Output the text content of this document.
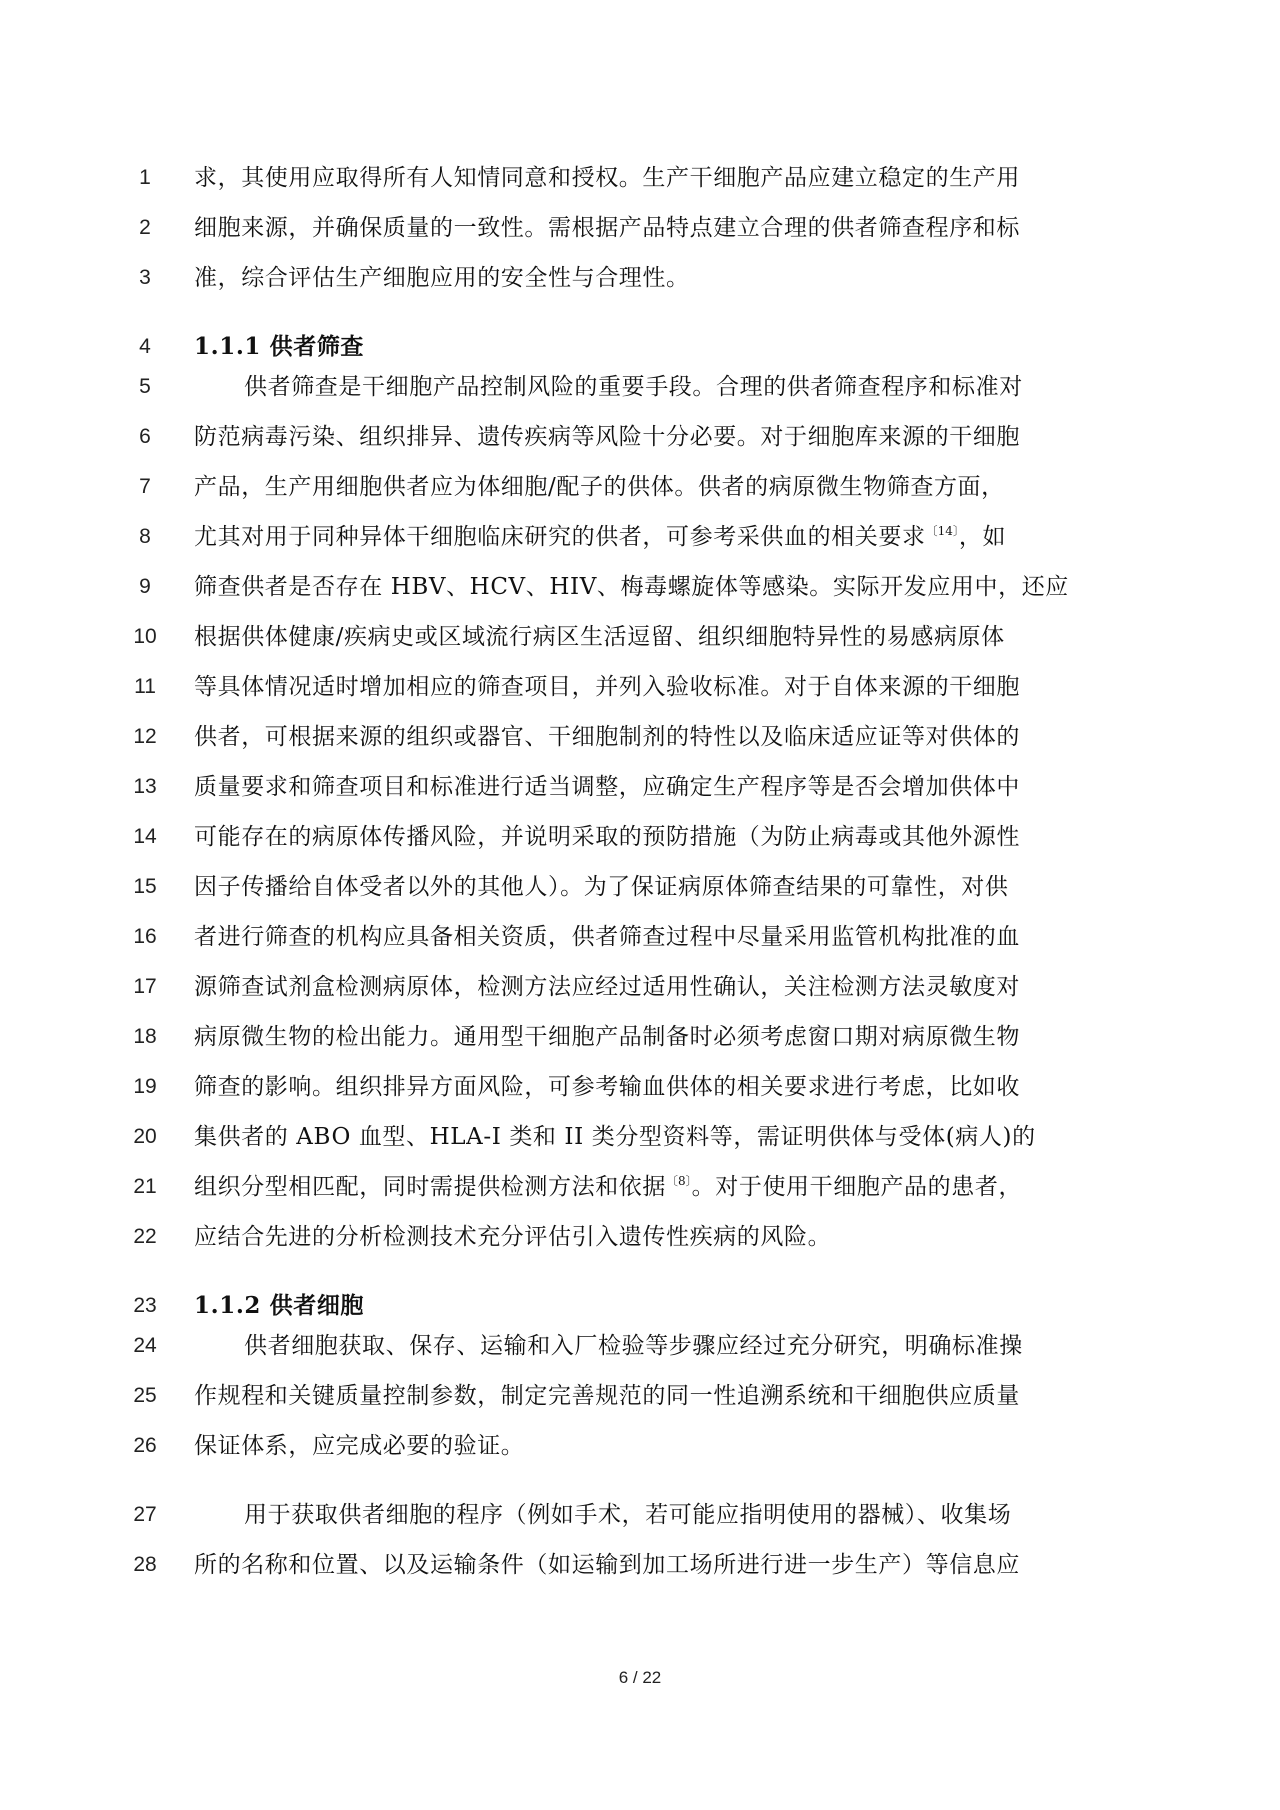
1	求，其使用应取得所有人知情同意和授权。生产干细胞产品应建立稳定的生产用
2	细胞来源，并确保质量的一致性。需根据产品特点建立合理的供者筛查程序和标
3	准，综合评估生产细胞应用的安全性与合理性。
4	1.1.1 供者筛查
5	供者筛查是干细胞产品控制风险的重要手段。合理的供者筛查程序和标准对
6	防范病毒污染、组织排异、遗传疾病等风险十分必要。对于细胞库来源的干细胞
7	产品，生产用细胞供者应为体细胞/配子的供体。供者的病原微生物筛查方面，
8	尤其对用于同种异体干细胞临床研究的供者，可参考采供血的相关要求$^{〔14〕}$，如
9	筛查供者是否存在 HBV、HCV、HIV、梅毒螺旋体等感染。实际开发应用中，还应
10	根据供体健康/疾病史或区域流行病区生活逗留、组织细胞特异性的易感病原体
11	等具体情况适时增加相应的筛查项目，并列入验收标准。对于自体来源的干细胞
12	供者，可根据来源的组织或器官、干细胞制剂的特性以及临床适应证等对供体的
13	质量要求和筛查项目和标准进行适当调整，应确定生产程序等是否会增加供体中
14	可能存在的病原体传播风险，并说明采取的预防措施（为防止病毒或其他外源性
15	因子传播给自体受者以外的其他人）。为了保证病原体筛查结果的可靠性，对供
16	者进行筛查的机构应具备相关资质，供者筛查过程中尽量采用监管机构批准的血
17	源筛查试剂盒检测病原体，检测方法应经过适用性确认，关注检测方法灵敏度对
18	病原微生物的检出能力。通用型干细胞产品制备时必须考虑窗口期对病原微生物
19	筛查的影响。组织排异方面风险，可参考输血供体的相关要求进行考虑，比如收
20	集供者的 ABO 血型、HLA-I 类和 II 类分型资料等，需证明供体与受体(病人)的
21	组织分型相匹配，同时需提供检测方法和依据$^{〔8〕}$。对于使用干细胞产品的患者，
22	应结合先进的分析检测技术充分评估引入遗传性疾病的风险。
23	1.1.2 供者细胞
24	供者细胞获取、保存、运输和入厂检验等步骤应经过充分研究，明确标准操
25	作规程和关键质量控制参数，制定完善规范的同一性追溯系统和干细胞供应质量
26	保证体系，应完成必要的验证。
27	用于获取供者细胞的程序（例如手术，若可能应指明使用的器械）、收集场
28	所的名称和位置、以及运输条件（如运输到加工场所进行进一步生产）等信息应
6 / 22
